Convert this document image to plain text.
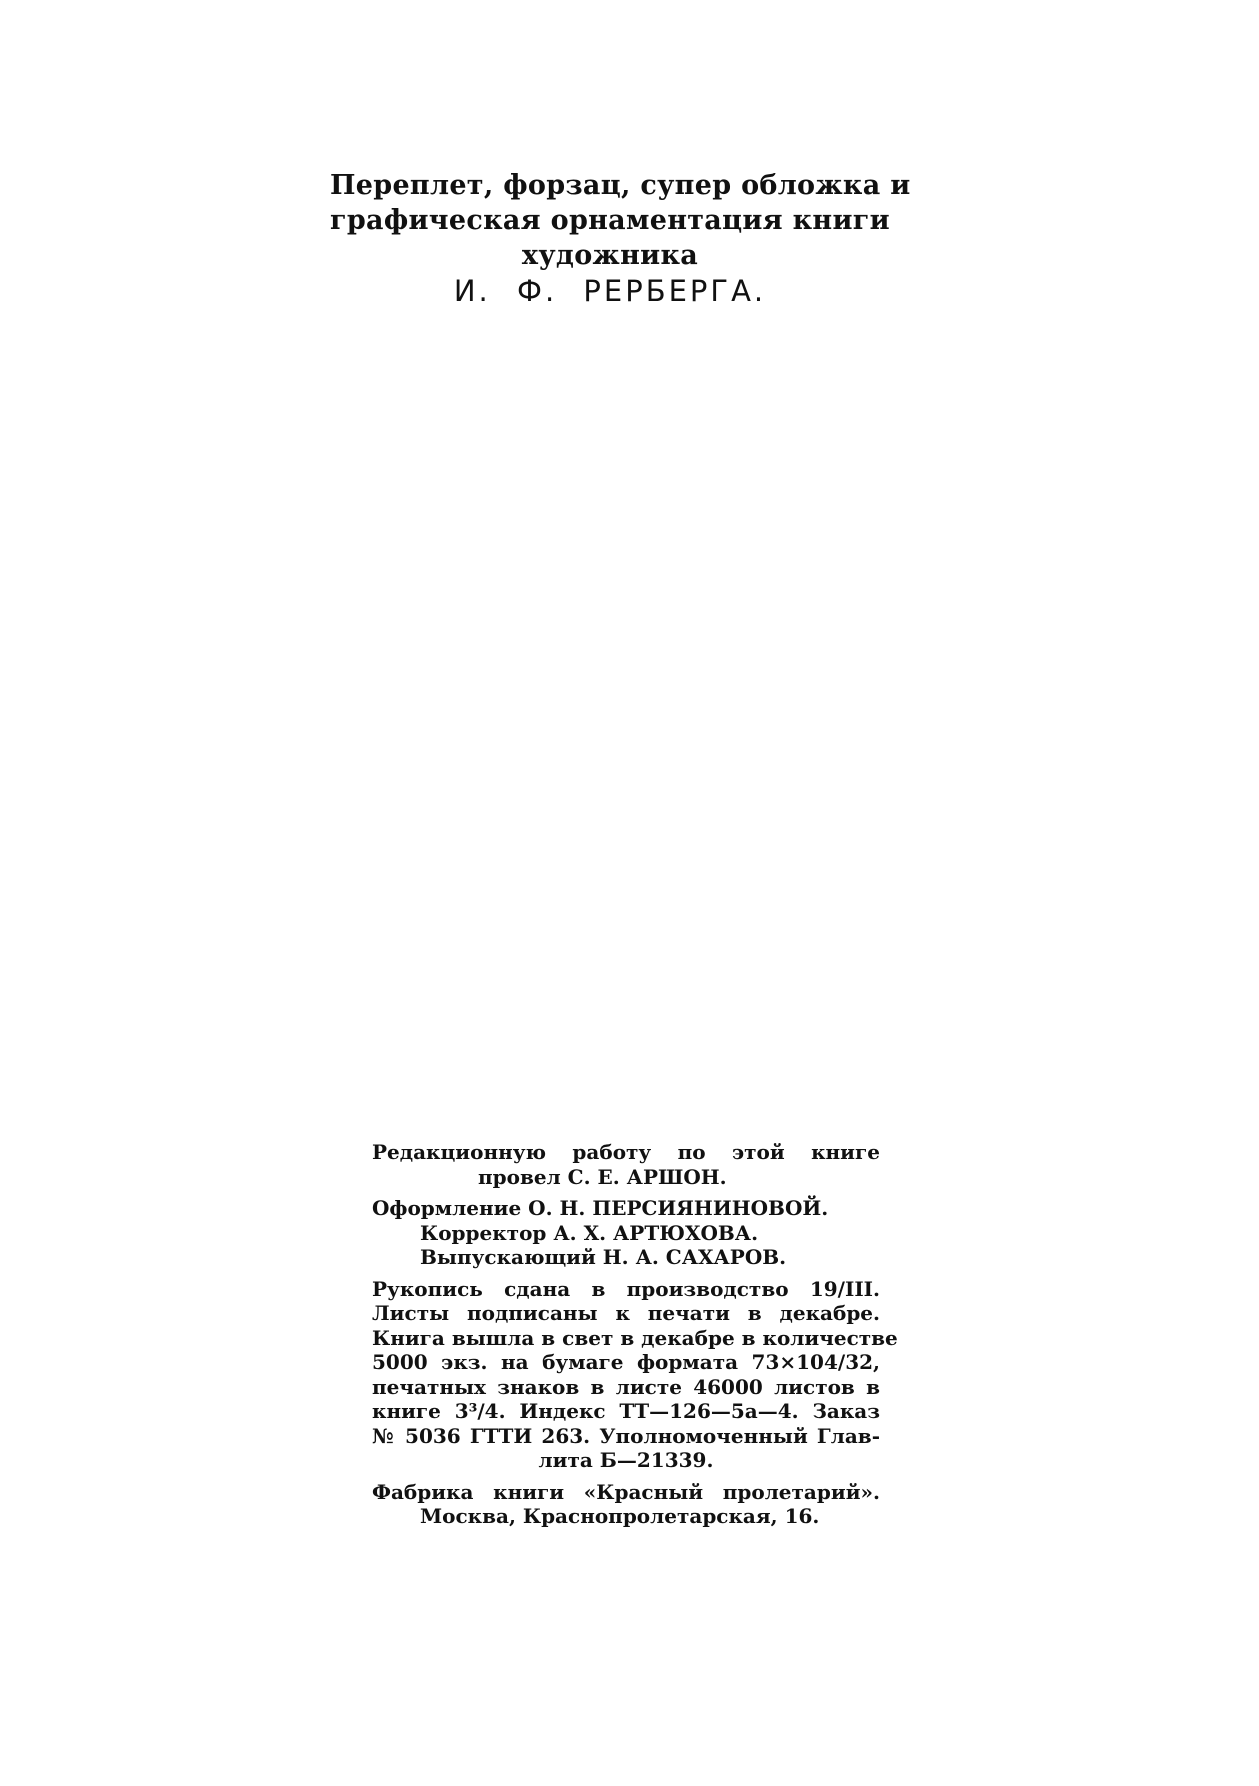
Переплет, форзац, супер обложка и
графическая орнаментация книги
художника
И. Ф. РЕРБЕРГА.
Редакционную работу по этой книге
провел С. Е. АРШОН.
Оформление О. Н. ПЕРСИЯНИНОВОЙ.
Корректор А. Х. АРТЮХОВА.
Выпускающий Н. А. САХАРОВ.
Рукопись сдана в производство 19/III.
Листы подписаны к печати в декабре.
Книга вышла в свет в декабре в количестве
5000 экз. на бумаге формата 73×104/32,
печатных знаков в листе 46000 листов в
книге 3³/4. Индекс ТТ—126—5а—4. Заказ
№ 5036 ГТТИ 263. Уполномоченный Глав-
лита Б—21339.
Фабрика книги «Красный пролетарий».
Москва, Краснопролетарская, 16.
